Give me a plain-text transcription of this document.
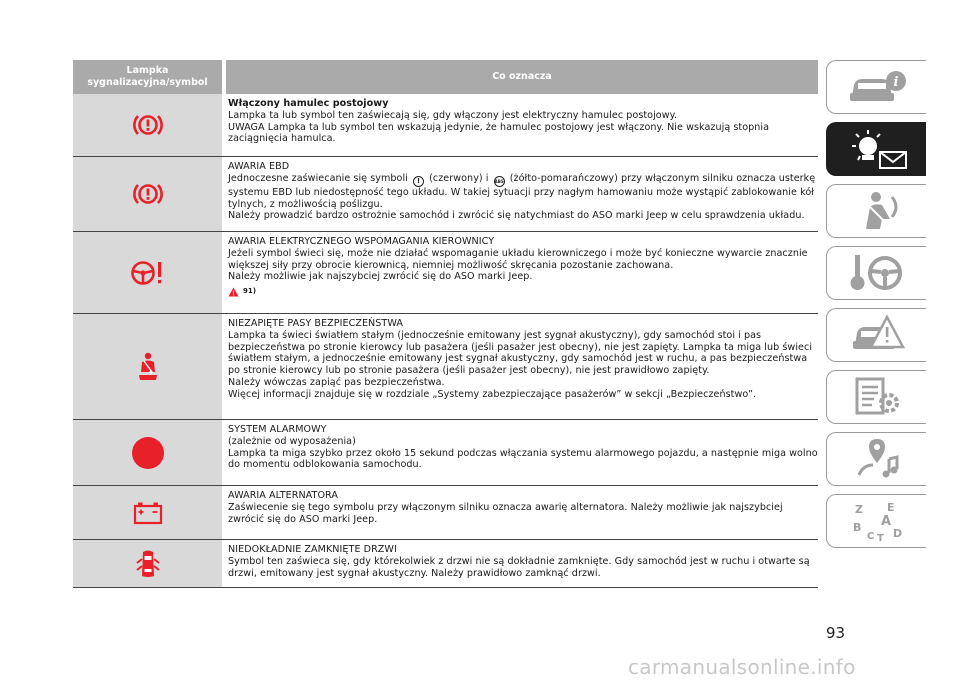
Lampka sygnalizacyjna/symbol
Co oznacza

Włączony hamulec postojowy

Lampka ta lub symbol ten zaświecają się, gdy włączony jest elektryczny hamulec postojowy.

UWAGA Lampka ta lub symbol ten wskazują jedynie, że hamulec postojowy jest włączony. Nie wskazują stopnia zaciągnięcia hamulca.

AWARIA EBD

Jednoczesne zaświecanie się symboli ! (czerwony) i ABS (żółto-pomarańczowy) przy włączonym silniku oznacza usterkę systemu EBD lub niedostępność tego układu. W takiej sytuacji przy nagłym hamowaniu może wystąpić zablokowanie kół tylnych, z możliwością poślizgu.

Należy prowadzić bardzo ostrożnie samochód i zwrócić się natychmiast do ASO marki Jeep w celu sprawdzenia układu.

AWARIA ELEKTRYCZNEGO WSPOMAGANIA KIEROWNICY

Jeżeli symbol świeci się, może nie działać wspomaganie układu kierowniczego i może być konieczne wywarcie znacznie większej siły przy obrocie kierownicą, niemniej możliwość skręcania pozostanie zachowana.

Należy możliwie jak najszybciej zwrócić się do ASO marki Jeep.

91)

NIEZAPIĘTE PASY BEZPIECZEŃSTWA

Lampka ta świeci światłem stałym (jednocześnie emitowany jest sygnał akustyczny), gdy samochód stoi i pas bezpieczeństwa po stronie kierowcy lub pasażera (jeśli pasażer jest obecny), nie jest zapięty. Lampka ta miga lub świeci światłem stałym, a jednocześnie emitowany jest sygnał akustyczny, gdy samochód jest w ruchu, a pas bezpieczeństwa po stronie kierowcy lub po stronie pasażera (jeśli pasażer jest obecny), nie jest prawidłowo zapięty.

Należy wówczas zapiąć pas bezpieczeństwa.

Więcej informacji znajduje się w rozdziale „Systemy zabezpieczające pasażerów” w sekcji „Bezpieczeństwo”.

SYSTEM ALARMOWY

(zależnie od wyposażenia)

Lampka ta miga szybko przez około 15 sekund podczas włączania systemu alarmowego pojazdu, a następnie miga wolno do momentu odblokowania samochodu.

AWARIA ALTERNATORA

Zaświecenie się tego symbolu przy włączonym silniku oznacza awarię alternatora. Należy możliwie jak najszybciej zwrócić się do ASO marki Jeep.

NIEDOKŁADNIE ZAMKNIĘTE DRZWI

Symbol ten zaświeca się, gdy którekolwiek z drzwi nie są dokładnie zamknięte. Gdy samochód jest w ruchu i otwarte są drzwi, emitowany jest sygnał akustyczny. Należy prawidłowo zamknąć drzwi.

i
Z E
A
B
C D
T
93
carmanualsonline.info
